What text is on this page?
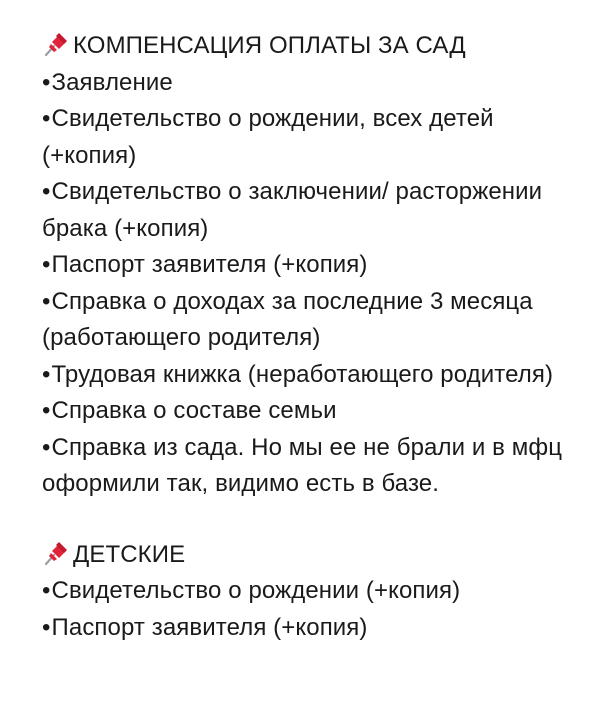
КОМПЕНСАЦИЯ ОПЛАТЫ ЗА САД
•Заявление
•Свидетельство о рождении, всех детей (+копия)
•Свидетельство о заключении/ расторжении брака (+копия)
•Паспорт заявителя (+копия)
•Справка о доходах за последние 3 месяца (работающего родителя)
•Трудовая книжка (неработающего родителя)
•Справка о составе семьи
•Справка из сада. Но мы ее не брали и в мфц оформили так, видимо есть в базе.
ДЕТСКИЕ
•Свидетельство о рождении (+копия)
•Паспорт заявителя (+копия)
